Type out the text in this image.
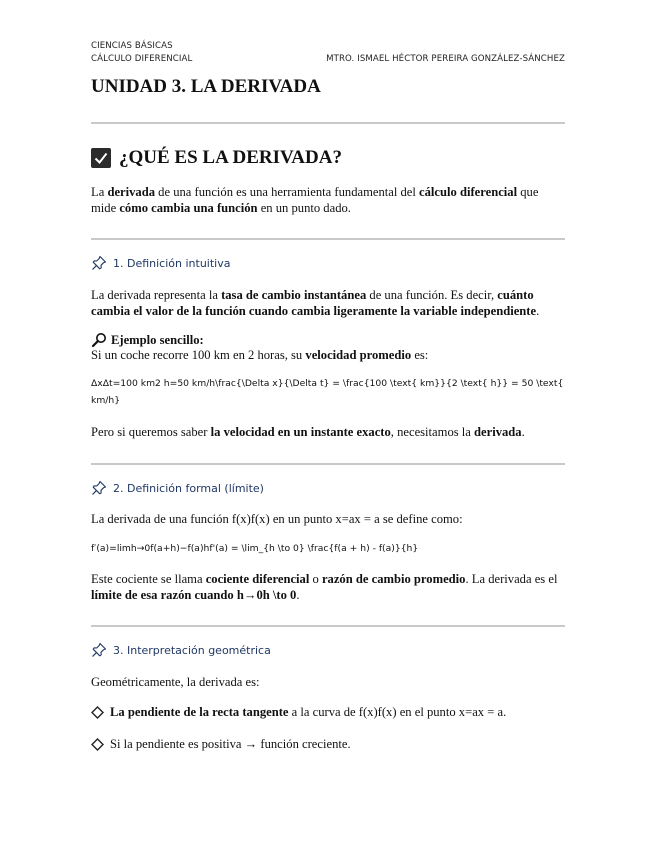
CIENCIAS BÁSICAS
CÁLCULO DIFERENCIAL	MTRO. ISMAEL HÉCTOR PEREIRA GONZÁLEZ-SÁNCHEZ
UNIDAD 3. LA DERIVADA
¿QUÉ ES LA DERIVADA?

La derivada de una función es una herramienta fundamental del cálculo diferencial que mide cómo cambia una función en un punto dado.

1. Definición intuitiva

La derivada representa la tasa de cambio instantánea de una función. Es decir, cuánto cambia el valor de la función cuando cambia ligeramente la variable independiente.

Ejemplo sencillo:

Si un coche recorre 100 km en 2 horas, su velocidad promedio es:

ΔxΔt=100 km2 h=50 km/h\frac{\Delta x}{\Delta t} = \frac{100 \text{ km}}{2 \text{ h}} = 50 \text{ km/h}

Pero si queremos saber la velocidad en un instante exacto, necesitamos la derivada.

2. Definición formal (límite)

La derivada de una función f(x)f(x) en un punto x=ax = a se define como:

f′(a)=lim⁡h→0f(a+h)−f(a)hf'(a) = \lim_{h \to 0} \frac{f(a + h) - f(a)}{h}

Este cociente se llama cociente diferencial o razón de cambio promedio. La derivada es el límite de esa razón cuando h→0h \to 0.

3. Interpretación geométrica

Geométricamente, la derivada es:

La pendiente de la recta tangente a la curva de f(x)f(x) en el punto x=ax = a.
Si la pendiente es positiva → función creciente.
